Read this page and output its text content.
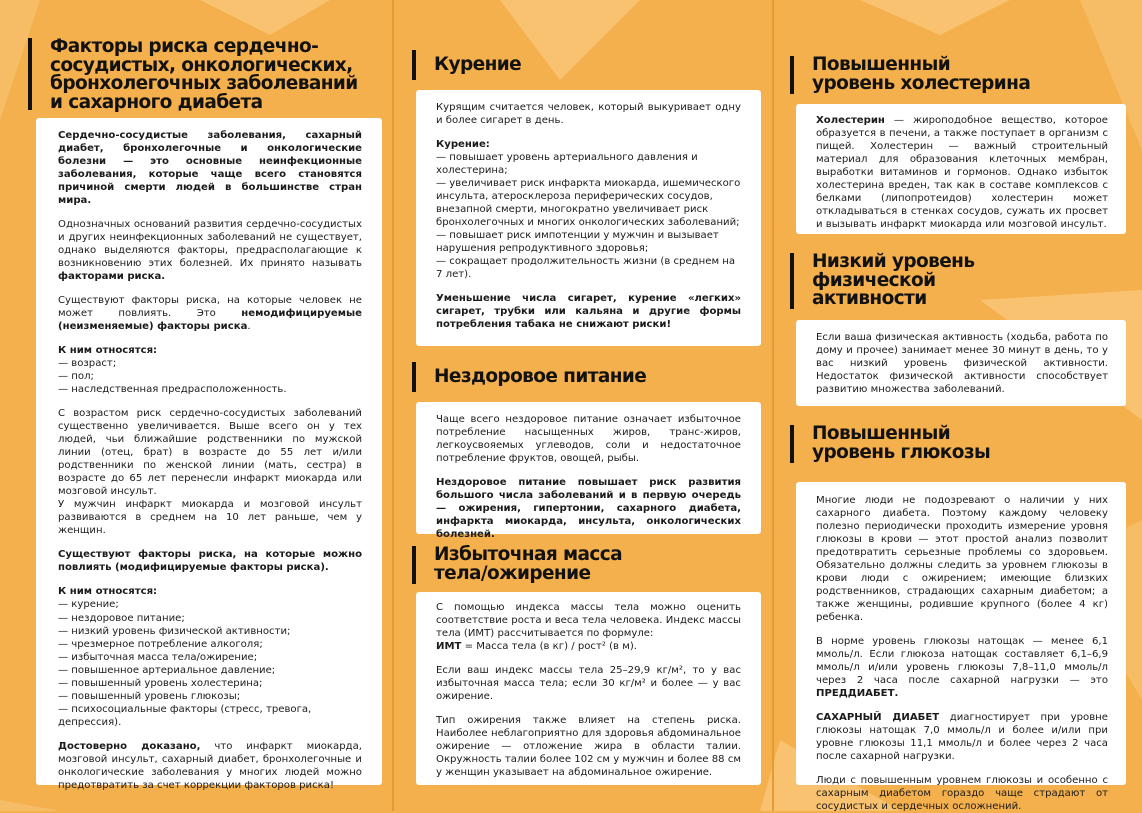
Факторы риска сердечно-
сосудистых, онкологических,
бронхолегочных заболеваний
и сахарного диабета

Сердечно-сосудистые заболевания, сахарный диабет, бронхолегочные и онкологические болезни — это основные неинфекционные заболевания, которые чаще всего становятся причиной смерти людей в большинстве стран мира.

Однозначных оснований развития сердечно-сосудистых и других неинфекционных заболеваний не существует, однако выделяются факторы, предрасполагающие к возникновению этих болезней. Их принято называть факторами риска.

Существуют факторы риска, на которые человек не может повлиять. Это немодифицируемые (неизменяемые) факторы риска.

К ним относятся:

— возраст;
— пол;
— наследственная предрасположенность.

С возрастом риск сердечно-сосудистых заболеваний существенно увеличивается. Выше всего он у тех людей, чьи ближайшие родственники по мужской линии (отец, брат) в возрасте до 55 лет и/или родственники по женской линии (мать, сестра) в возрасте до 65 лет перенесли инфаркт миокарда или мозговой инсульт.

У мужчин инфаркт миокарда и мозговой инсульт развиваются в среднем на 10 лет раньше, чем у женщин.

Существуют факторы риска, на которые можно повлиять (модифицируемые факторы риска).

К ним относятся:

— курение;
— нездоровое питание;
— низкий уровень физической активности;
— чрезмерное потребление алкоголя;
— избыточная масса тела/ожирение;
— повышенное артериальное давление;
— повышенный уровень холестерина;
— повышенный уровень глюкозы;
— психосоциальные факторы (стресс, тревога, депрессия).

Достоверно доказано, что инфаркт миокарда, мозговой инсульт, сахарный диабет, бронхолегочные и онкологические заболевания у многих людей можно предотвратить за счет коррекции факторов риска!

Курение

Курящим считается человек, который выкуривает одну и более сигарет в день.

Курение:

— повышает уровень артериального давления и холестерина;
— увеличивает риск инфаркта миокарда, ишемического инсульта, атеросклероза периферических сосудов, внезапной смерти, многократно увеличивает риск бронхолегочных и многих онкологических заболеваний;
— повышает риск импотенции у мужчин и вызывает нарушения репродуктивного здоровья;
— сокращает продолжительность жизни (в среднем на 7 лет).

Уменьшение числа сигарет, курение «легких» сигарет, трубки или кальяна и другие формы потребления табака не снижают риски!

Нездоровое питание

Чаще всего нездоровое питание означает избыточное потребление насыщенных жиров, транс-жиров, легкоусвояемых углеводов, соли и недостаточное потребление фруктов, овощей, рыбы.

Нездоровое питание повышает риск развития большого числа заболеваний и в первую очередь — ожирения, гипертонии, сахарного диабета, инфаркта миокарда, инсульта, онкологических болезней.

Избыточная масса
тела/ожирение

С помощью индекса массы тела можно оценить соответствие роста и веса тела человека. Индекс массы тела (ИМТ) рассчитывается по формуле:

ИМТ = Масса тела (в кг) / рост² (в м).

Если ваш индекс массы тела 25–29,9 кг/м², то у вас избыточная масса тела; если 30 кг/м² и более — у вас ожирение.

Тип ожирения также влияет на степень риска. Наиболее неблагоприятно для здоровья абдоминальное ожирение — отложение жира в области талии. Окружность талии более 102 см у мужчин и более 88 см у женщин указывает на абдоминальное ожирение.

Повышенный
уровень холестерина

Холестерин — жироподобное вещество, которое образуется в печени, а также поступает в организм с пищей. Холестерин — важный строительный материал для образования клеточных мембран, выработки витаминов и гормонов. Однако избыток холестерина вреден, так как в составе комплексов с белками (липопротеидов) холестерин может откладываться в стенках сосудов, сужать их просвет и вызывать инфаркт миокарда или мозговой инсульт.

Низкий уровень
физической
активности

Если ваша физическая активность (ходьба, работа по дому и прочее) занимает менее 30 минут в день, то у вас низкий уровень физической активности. Недостаток физической активности способствует развитию множества заболеваний.

Повышенный
уровень глюкозы

Многие люди не подозревают о наличии у них сахарного диабета. Поэтому каждому человеку полезно периодически проходить измерение уровня глюкозы в крови — этот простой анализ позволит предотвратить серьезные проблемы со здоровьем. Обязательно должны следить за уровнем глюкозы в крови люди с ожирением; имеющие близких родственников, страдающих сахарным диабетом; а также женщины, родившие крупного (более 4 кг) ребенка.

В норме уровень глюкозы натощак — менее 6,1 ммоль/л. Если глюкоза натощак составляет 6,1–6,9 ммоль/л и/или уровень глюкозы 7,8–11,0 ммоль/л через 2 часа после сахарной нагрузки — это ПРЕДДИАБЕТ.

САХАРНЫЙ ДИАБЕТ диагностирует при уровне глюкозы натощак 7,0 ммоль/л и более и/или при уровне глюкозы 11,1 ммоль/л и более через 2 часа после сахарной нагрузки.

Люди с повышенным уровнем глюкозы и особенно с сахарным диабетом гораздо чаще страдают от сосудистых и сердечных осложнений.
